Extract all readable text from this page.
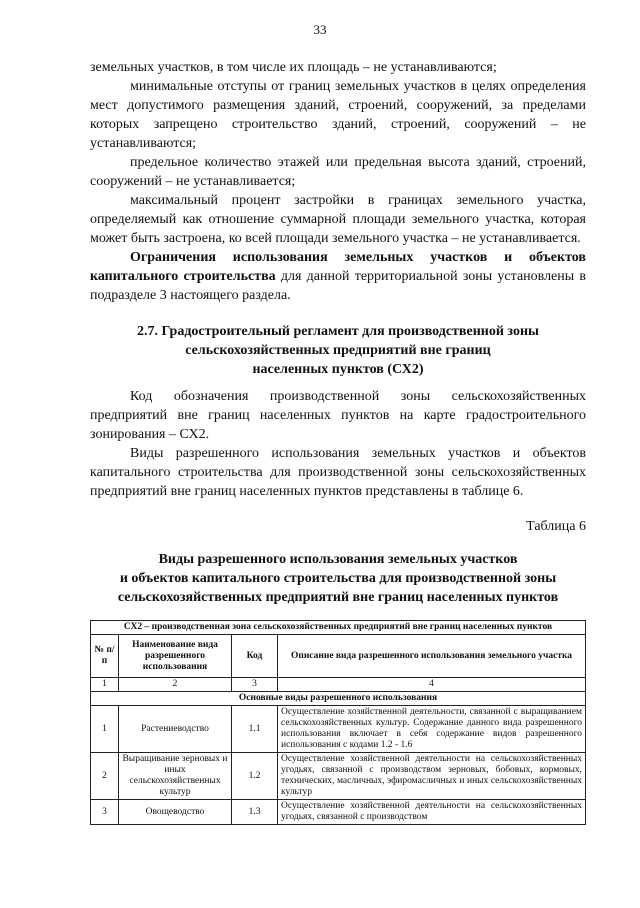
33

земельных участков, в том числе их площадь – не устанавливаются;

минимальные отступы от границ земельных участков в целях определения мест допустимого размещения зданий, строений, сооружений, за пределами которых запрещено строительство зданий, строений, сооружений – не устанавливаются;

предельное количество этажей или предельная высота зданий, строений, сооружений – не устанавливается;

максимальный процент застройки в границах земельного участка, определяемый как отношение суммарной площади земельного участка, которая может быть застроена, ко всей площади земельного участка – не устанавливается.

Ограничения использования земельных участков и объектов капитального строительства для данной территориальной зоны установлены в подразделе 3 настоящего раздела.

2.7. Градостроительный регламент для производственной зоны

сельскохозяйственных предприятий вне границ

населенных пунктов (СХ2)

Код обозначения производственной зоны сельскохозяйственных предприятий вне границ населенных пунктов на карте градостроительного зонирования – СХ2.

Виды разрешенного использования земельных участков и объектов капитального строительства для производственной зоны сельскохозяйственных предприятий вне границ населенных пунктов представлены в таблице 6.

Таблица 6

Виды разрешенного использования земельных участков

и объектов капитального строительства для производственной зоны

сельскохозяйственных предприятий вне границ населенных пунктов

СХ2 – производственная зона сельскохозяйственных предприятий вне границ населенных пунктов			
№ п/п	Наименование вида разрешенного использования	Код	Описание вида разрешенного использования земельного участка
1	2	3	4
Основные виды разрешенного использования			
1	Растениеводство	1.1	Осуществление хозяйственной деятельности, связанной с выращиванием сельскохозяйственных культур. Содержание данного вида разрешенного использования включает в себя содержание видов разрешенного использования с кодами 1.2 - 1.6
2	Выращивание зерновых и иных сельскохозяйственных культур	1.2	Осуществление хозяйственной деятельности на сельскохозяйственных угодьях, связанной с производством зерновых, бобовых, кормовых, технических, масличных, эфиромасличных и иных сельскохозяйственных культур
3	Овощеводство	1.3	Осуществление хозяйственной деятельности на сельскохозяйственных угодьях, связанной с производством
